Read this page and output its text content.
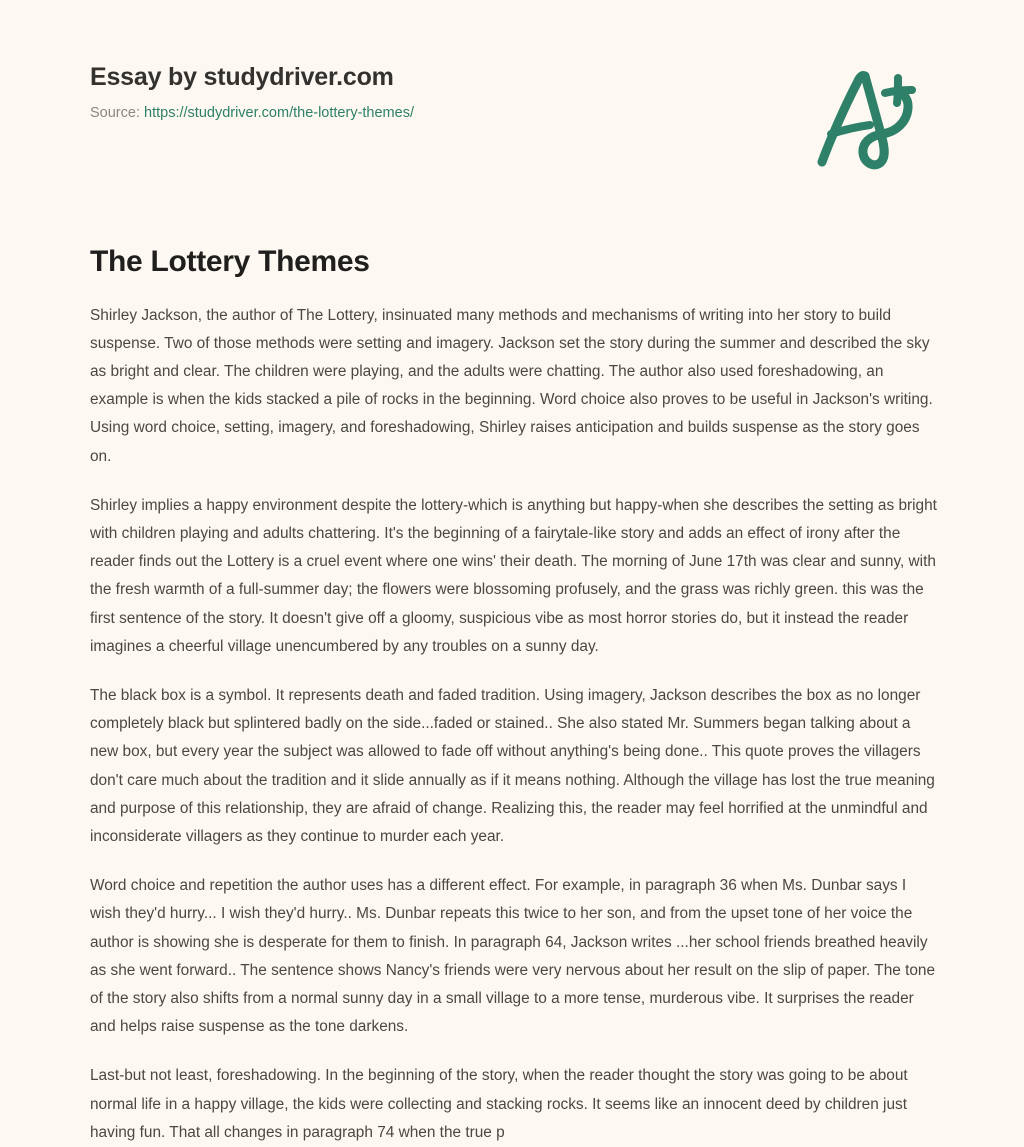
Essay by studydriver.com
Source: https://studydriver.com/the-lottery-themes/
The Lottery Themes

Shirley Jackson, the author of The Lottery, insinuated many methods and mechanisms of writing into her story to build suspense. Two of those methods were setting and imagery. Jackson set the story during the summer and described the sky as bright and clear. The children were playing, and the adults were chatting. The author also used foreshadowing, an example is when the kids stacked a pile of rocks in the beginning. Word choice also proves to be useful in Jackson's writing. Using word choice, setting, imagery, and foreshadowing, Shirley raises anticipation and builds suspense as the story goes on.

Shirley implies a happy environment despite the lottery-which is anything but happy-when she describes the setting as bright with children playing and adults chattering. It's the beginning of a fairytale-like story and adds an effect of irony after the reader finds out the Lottery is a cruel event where one wins' their death. The morning of June 17th was clear and sunny, with the fresh warmth of a full-summer day; the flowers were blossoming profusely, and the grass was richly green. this was the first sentence of the story. It doesn't give off a gloomy, suspicious vibe as most horror stories do, but it instead the reader imagines a cheerful village unencumbered by any troubles on a sunny day.

The black box is a symbol. It represents death and faded tradition. Using imagery, Jackson describes the box as no longer completely black but splintered badly on the side...faded or stained.. She also stated Mr. Summers began talking about a new box, but every year the subject was allowed to fade off without anything's being done.. This quote proves the villagers don't care much about the tradition and it slide annually as if it means nothing. Although the village has lost the true meaning and purpose of this relationship, they are afraid of change. Realizing this, the reader may feel horrified at the unmindful and inconsiderate villagers as they continue to murder each year.

Word choice and repetition the author uses has a different effect. For example, in paragraph 36 when Ms. Dunbar says I wish they'd hurry... I wish they'd hurry.. Ms. Dunbar repeats this twice to her son, and from the upset tone of her voice the author is showing she is desperate for them to finish. In paragraph 64, Jackson writes ...her school friends breathed heavily as she went forward.. The sentence shows Nancy's friends were very nervous about her result on the slip of paper. The tone of the story also shifts from a normal sunny day in a small village to a more tense, murderous vibe. It surprises the reader and helps raise suspense as the tone darkens.

Last-but not least, foreshadowing. In the beginning of the story, when the reader thought the story was going to be about normal life in a happy village, the kids were collecting and stacking rocks. It seems like an innocent deed by children just having fun. That all changes in paragraph 74 when the true p
